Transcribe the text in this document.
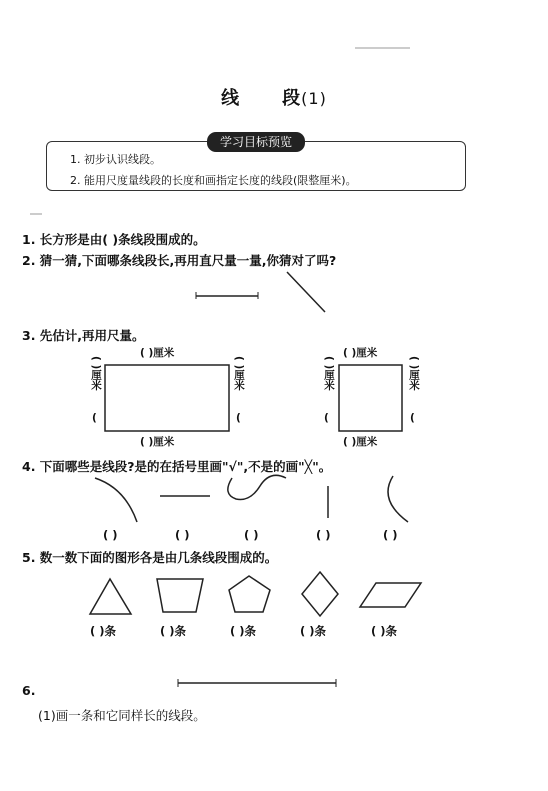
线 段(1)
学习目标预览
1. 初步认识线段。
2. 能用尺度量线段的长度和画指定长度的线段(限整厘米)。
1. 长方形是由( )条线段围成的。
2. 猜一猜,下面哪条线段长,再用直尺量一量,你猜对了吗?
3. 先估计,再用尺量。
( )厘米
( )厘米
( )厘米	( )厘米
(	(
( )厘米
( )厘米
( )厘米	( )厘米
(	(
4. 下面哪些是线段?是的在括号里画"√",不是的画"╳"。
( )	( )	( )	( )	( )
5. 数一数下面的图形各是由几条线段围成的。
( )条	( )条	( )条	( )条	( )条
6.
(1)画一条和它同样长的线段。
